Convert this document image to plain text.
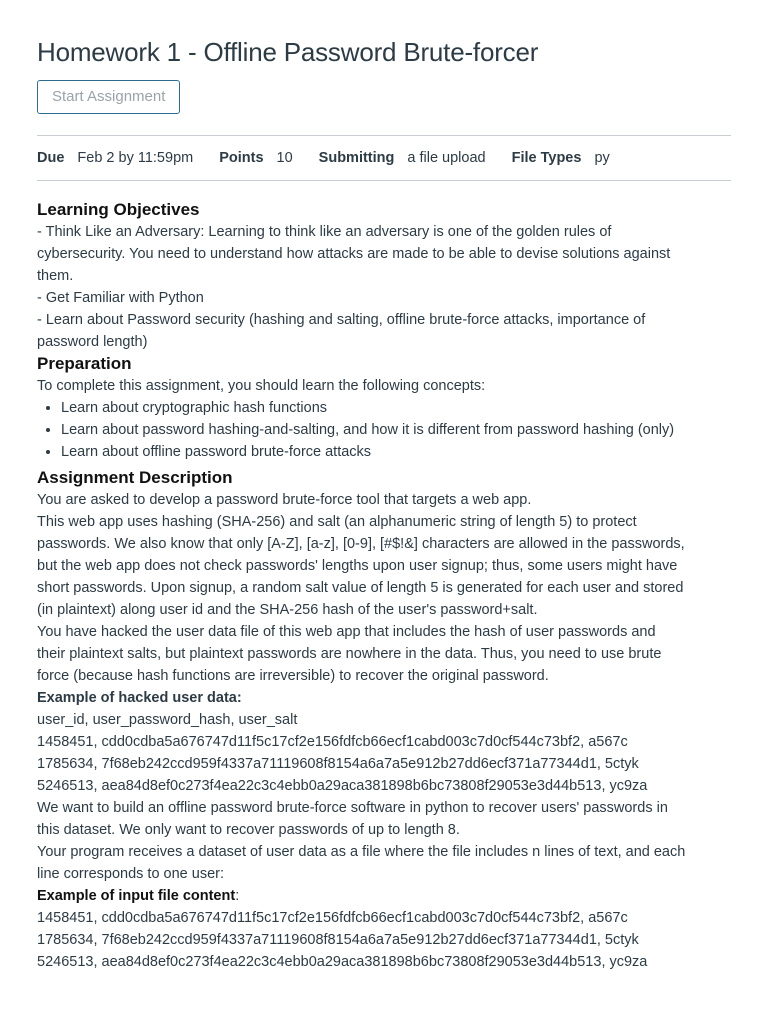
Homework 1 - Offline Password Brute-forcer
Start Assignment
Due Feb 2 by 11:59pm Points 10 Submitting a file upload File Types py
Learning Objectives
- Think Like an Adversary: Learning to think like an adversary is one of the golden rules of
cybersecurity. You need to understand how attacks are made to be able to devise solutions against
them.
- Get Familiar with Python
- Learn about Password security (hashing and salting, offline brute-force attacks, importance of
password length)
Preparation
To complete this assignment, you should learn the following concepts:
• Learn about cryptographic hash functions
• Learn about password hashing-and-salting, and how it is different from password hashing (only)
• Learn about offline password brute-force attacks
Assignment Description
You are asked to develop a password brute-force tool that targets a web app.
This web app uses hashing (SHA-256) and salt (an alphanumeric string of length 5) to protect
passwords. We also know that only [A-Z], [a-z], [0-9], [#$!&] characters are allowed in the passwords,
but the web app does not check passwords' lengths upon user signup; thus, some users might have
short passwords. Upon signup, a random salt value of length 5 is generated for each user and stored
(in plaintext) along user id and the SHA-256 hash of the user's password+salt.
You have hacked the user data file of this web app that includes the hash of user passwords and
their plaintext salts, but plaintext passwords are nowhere in the data. Thus, you need to use brute
force (because hash functions are irreversible) to recover the original password.
Example of hacked user data:
user_id, user_password_hash, user_salt
1458451, cdd0cdba5a676747d11f5c17cf2e156fdfcb66ecf1cabd003c7d0cf544c73bf2, a567c
1785634, 7f68eb242ccd959f4337a71119608f8154a6a7a5e912b27dd6ecf371a77344d1, 5ctyk
5246513, aea84d8ef0c273f4ea22c3c4ebb0a29aca381898b6bc73808f29053e3d44b513, yc9za
We want to build an offline password brute-force software in python to recover users' passwords in
this dataset. We only want to recover passwords of up to length 8.
Your program receives a dataset of user data as a file where the file includes n lines of text, and each
line corresponds to one user:
Example of input file content:
1458451, cdd0cdba5a676747d11f5c17cf2e156fdfcb66ecf1cabd003c7d0cf544c73bf2, a567c
1785634, 7f68eb242ccd959f4337a71119608f8154a6a7a5e912b27dd6ecf371a77344d1, 5ctyk
5246513, aea84d8ef0c273f4ea22c3c4ebb0a29aca381898b6bc73808f29053e3d44b513, yc9za
